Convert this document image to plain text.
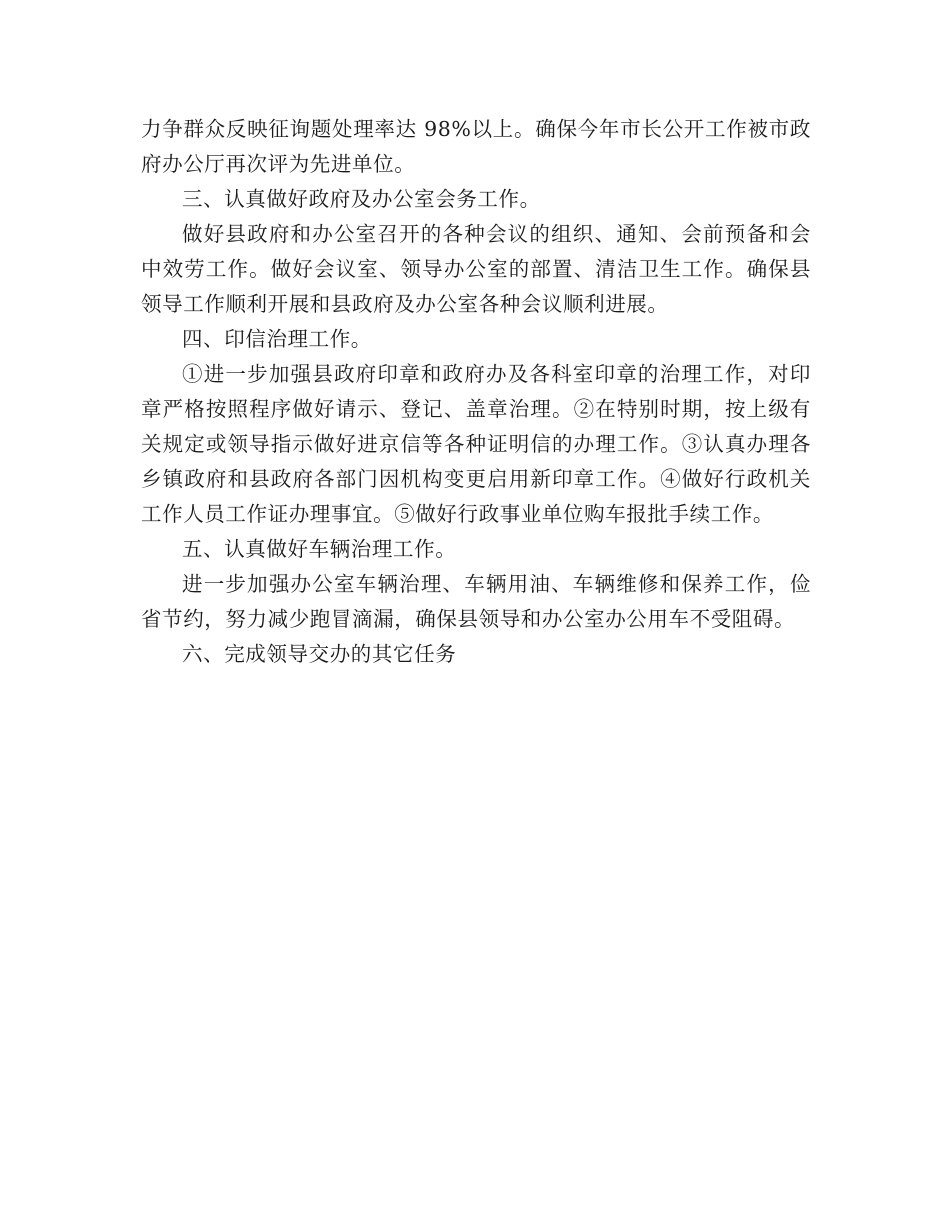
力争群众反映征询题处理率达 98%以上。确保今年市长公开工作被市政府办公厅再次评为先进单位。

三、认真做好政府及办公室会务工作。

做好县政府和办公室召开的各种会议的组织、通知、会前预备和会中效劳工作。做好会议室、领导办公室的部置、清洁卫生工作。确保县领导工作顺利开展和县政府及办公室各种会议顺利进展。

四、印信治理工作。

①进一步加强县政府印章和政府办及各科室印章的治理工作，对印章严格按照程序做好请示、登记、盖章治理。②在特别时期，按上级有关规定或领导指示做好进京信等各种证明信的办理工作。③认真办理各乡镇政府和县政府各部门因机构变更启用新印章工作。④做好行政机关工作人员工作证办理事宜。⑤做好行政事业单位购车报批手续工作。

五、认真做好车辆治理工作。

进一步加强办公室车辆治理、车辆用油、车辆维修和保养工作，俭省节约，努力减少跑冒滴漏，确保县领导和办公室办公用车不受阻碍。

六、完成领导交办的其它任务
